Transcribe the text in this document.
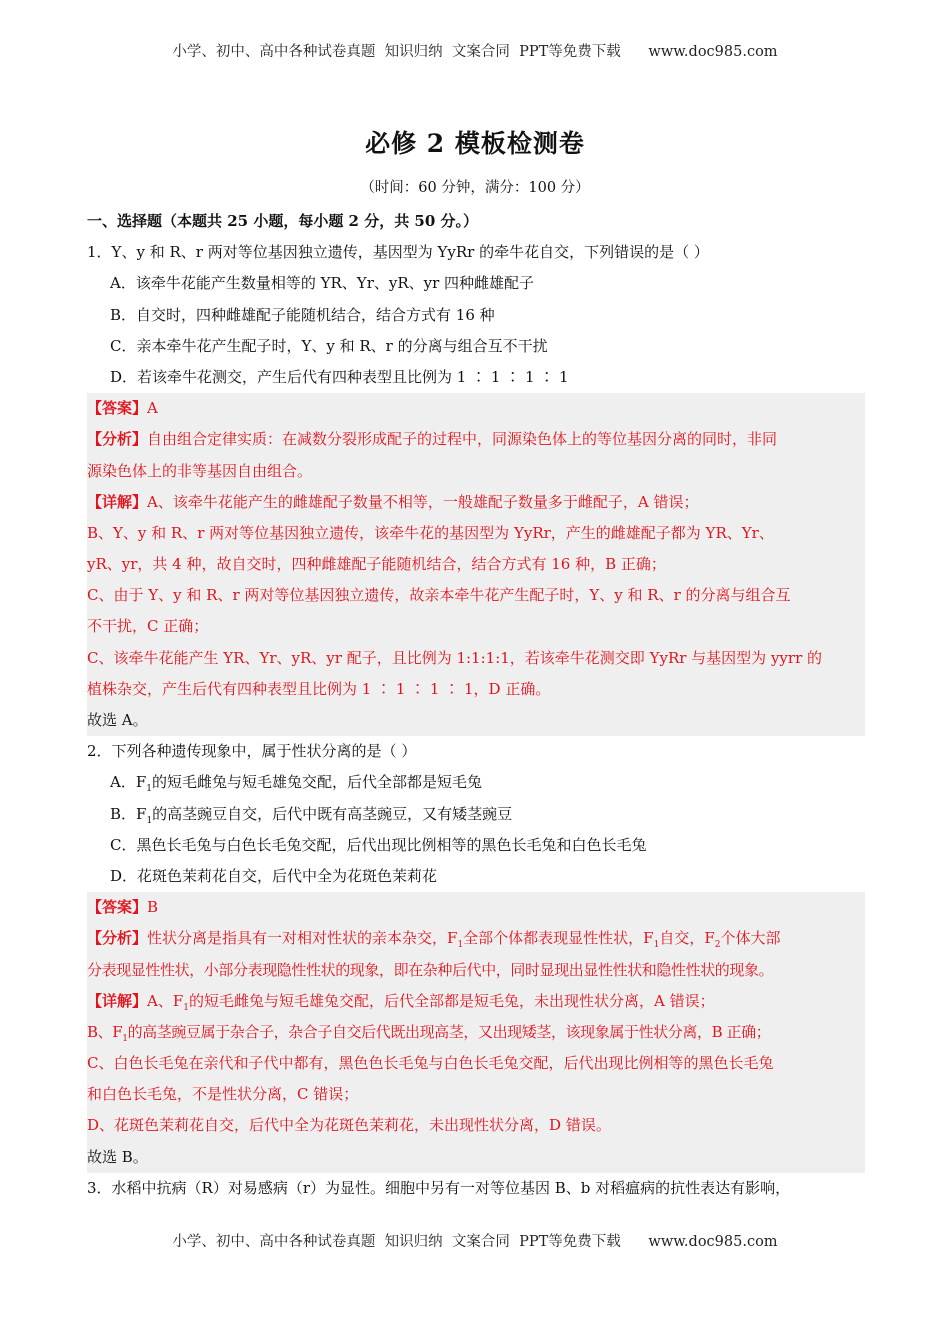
小学、初中、高中各种试卷真题  知识归纳  文案合同  PPT等免费下载      www.doc985.com
必修 2 模板检测卷
（时间：60 分钟，满分：100 分）
一、选择题（本题共 25 小题，每小题 2 分，共 50 分。）
1．Y、y 和 R、r 两对等位基因独立遗传，基因型为 YyRr 的牵牛花自交，下列错误的是（ ）
A．该牵牛花能产生数量相等的 YR、Yr、yR、yr 四种雌雄配子
B．自交时，四种雌雄配子能随机结合，结合方式有 16 种
C．亲本牵牛花产生配子时，Y、y 和 R、r 的分离与组合互不干扰
D．若该牵牛花测交，产生后代有四种表型且比例为 1 ∶ 1 ∶ 1 ∶ 1
【答案】A
【分析】自由组合定律实质：在减数分裂形成配子的过程中，同源染色体上的等位基因分离的同时，非同
源染色体上的非等基因自由组合。
【详解】A、该牵牛花能产生的雌雄配子数量不相等，一般雄配子数量多于雌配子，A 错误；
B、Y、y 和 R、r 两对等位基因独立遗传，该牵牛花的基因型为 YyRr，产生的雌雄配子都为 YR、Yr、
yR、yr，共 4 种，故自交时，四种雌雄配子能随机结合，结合方式有 16 种，B 正确；
C、由于 Y、y 和 R、r 两对等位基因独立遗传，故亲本牵牛花产生配子时，Y、y 和 R、r 的分离与组合互
不干扰，C 正确；
C、该牵牛花能产生 YR、Yr、yR、yr 配子，且比例为 1:1:1:1，若该牵牛花测交即 YyRr 与基因型为 yyrr 的
植株杂交，产生后代有四种表型且比例为 1 ∶ 1 ∶ 1 ∶ 1，D 正确。
故选 A。
2．下列各种遗传现象中，属于性状分离的是（ ）
A．$F_1$的短毛雌兔与短毛雄兔交配，后代全部都是短毛兔
B．$F_1$的高茎豌豆自交，后代中既有高茎豌豆，又有矮茎豌豆
C．黑色长毛兔与白色长毛兔交配，后代出现比例相等的黑色长毛兔和白色长毛兔
D．花斑色茉莉花自交，后代中全为花斑色茉莉花
【答案】B
【分析】性状分离是指具有一对相对性状的亲本杂交，$F_1$全部个体都表现显性性状，$F_1$自交，$F_2$个体大部
分表现显性性状，小部分表现隐性性状的现象，即在杂种后代中，同时显现出显性性状和隐性性状的现象。
【详解】A、$F_1$的短毛雌兔与短毛雄兔交配，后代全部都是短毛兔，未出现性状分离，A 错误；
B、$F_1$的高茎豌豆属于杂合子，杂合子自交后代既出现高茎，又出现矮茎，该现象属于性状分离，B 正确；
C、白色长毛兔在亲代和子代中都有，黑色色长毛兔与白色长毛兔交配，后代出现比例相等的黑色长毛兔
和白色长毛兔，不是性状分离，C 错误；
D、花斑色茉莉花自交，后代中全为花斑色茉莉花，未出现性状分离，D 错误。
故选 B。
3．水稻中抗病（R）对易感病（r）为显性。细胞中另有一对等位基因 B、b 对稻瘟病的抗性表达有影响，
小学、初中、高中各种试卷真题  知识归纳  文案合同  PPT等免费下载      www.doc985.com
